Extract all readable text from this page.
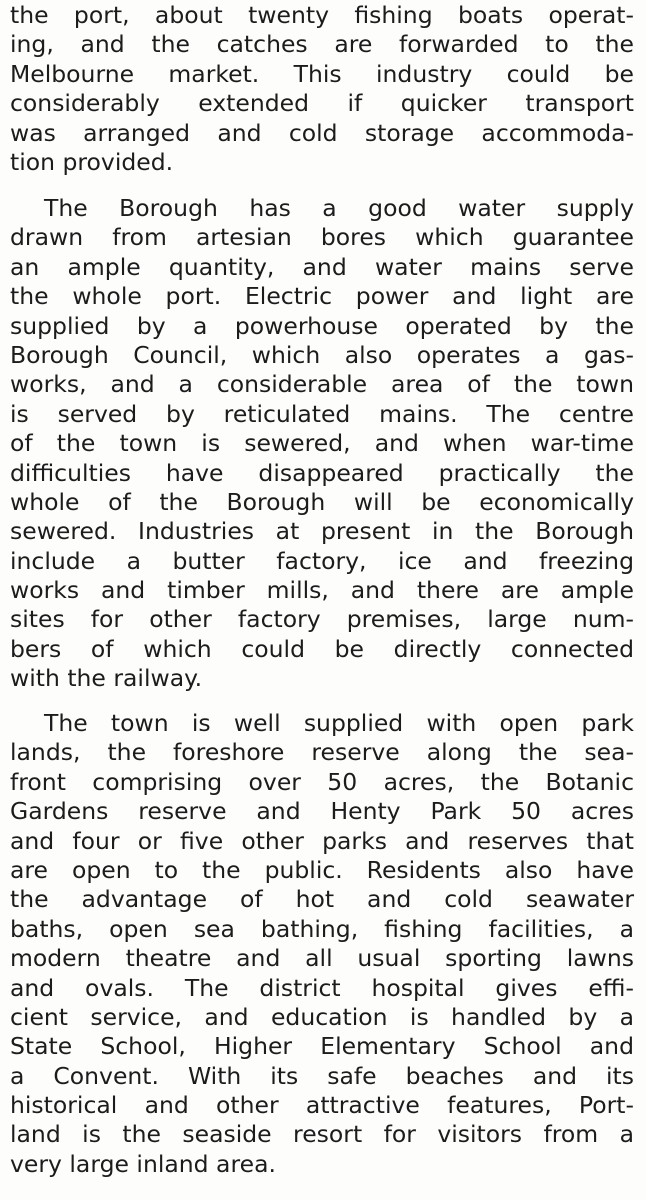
the port, about twenty fishing boats operat-
ing, and the catches are forwarded to the
Melbourne market. This industry could be
considerably extended if quicker transport
was arranged and cold storage accommoda-
tion provided.
The Borough has a good water supply
drawn from artesian bores which guarantee
an ample quantity, and water mains serve
the whole port. Electric power and light are
supplied by a powerhouse operated by the
Borough Council, which also operates a gas-
works, and a considerable area of the town
is served by reticulated mains. The centre
of the town is sewered, and when war-time
difficulties have disappeared practically the
whole of the Borough will be economically
sewered. Industries at present in the Borough
include a butter factory, ice and freezing
works and timber mills, and there are ample
sites for other factory premises, large num-
bers of which could be directly connected
with the railway.
The town is well supplied with open park
lands, the foreshore reserve along the sea-
front comprising over 50 acres, the Botanic
Gardens reserve and Henty Park 50 acres
and four or five other parks and reserves that
are open to the public. Residents also have
the advantage of hot and cold seawater
baths, open sea bathing, fishing facilities, a
modern theatre and all usual sporting lawns
and ovals. The district hospital gives effi-
cient service, and education is handled by a
State School, Higher Elementary School and
a Convent. With its safe beaches and its
historical and other attractive features, Port-
land is the seaside resort for visitors from a
very large inland area.
